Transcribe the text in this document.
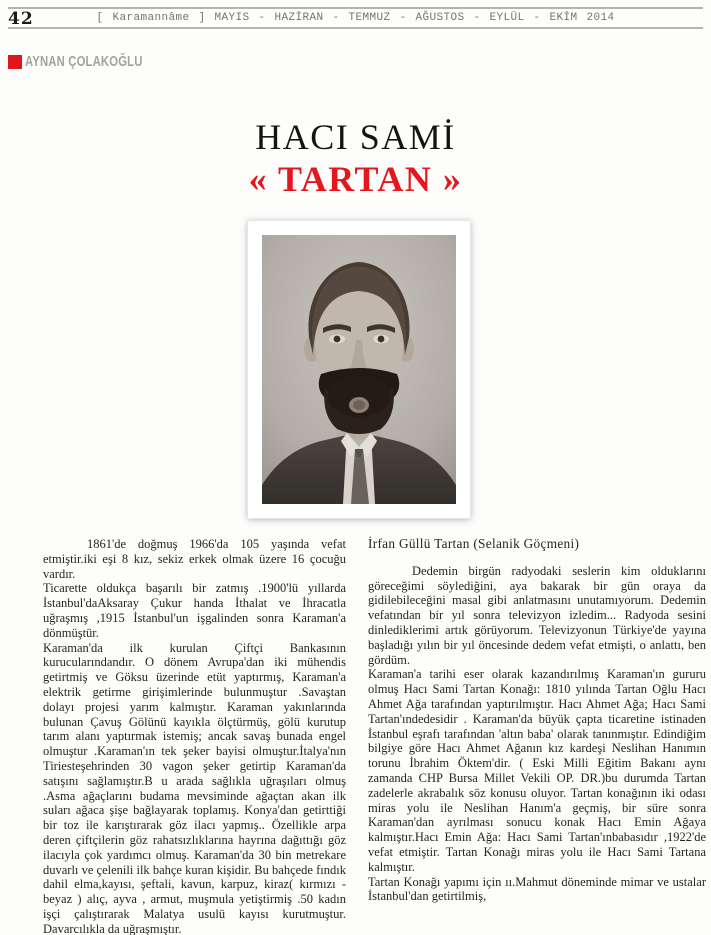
42	[ Karamannâme ] MAYIS - HAZİRAN - TEMMUZ - AĞUSTOS - EYLÜL - EKİM 2014
AYNAN ÇOLAKOĞLU
HACI SAMİ
« TARTAN »

1861'de doğmuş 1966'da 105 yaşında vefat etmiştir.iki eşi 8 kız, sekiz erkek olmak üzere 16 çocuğu vardır.

Ticarette oldukça başarılı bir zatmış .1900'lü yıllarda İstanbul'daAksaray Çukur handa İthalat ve İhracatla uğraşmış ,1915 İstanbul'un işgalinden sonra Karaman'a dönmüştür.

Karaman'da ilk kurulan Çiftçi Bankasının kurucularındandır. O dönem Avrupa'dan iki mühendis getirtmiş ve Göksu üzerinde etüt yaptırmış, Karaman'a elektrik getirme girişimlerinde bulunmuştur .Savaştan dolayı projesi yarım kalmıştır. Karaman yakınlarında bulunan Çavuş Gölünü kayıkla ölçtürmüş, gölü kurutup tarım alanı yaptırmak istemiş; ancak savaş bunada engel olmuştur .Karaman'ın tek şeker bayisi olmuştur.İtalya'nın Tiriesteşehrinden 30 vagon şeker getirtip Karaman'da satışını sağlamıştır.B u arada sağlıkla uğraşıları olmuş .Asma ağaçlarını budama mevsiminde ağaçtan akan ilk suları ağaca şişe bağlayarak toplamış. Konya'dan getirttiği bir toz ile karıştırarak göz ilacı yapmış.. Özellikle arpa deren çiftçilerin göz rahatsızlıklarına hayrına dağıttığı göz ilacıyla çok yardımcı olmuş. Karaman'da 30 bin metrekare duvarlı ve çelenili ilk bahçe kuran kişidir. Bu bahçede fındık dahil elma,kayısı, şeftali, kavun, karpuz, kiraz( kırmızı - beyaz ) alıç, ayva , armut, muşmula yetiştirmiş .50 kadın işçi çalıştırarak Malatya usulü kayısı kurutmuştur. Davarcılıkla da uğraşmıştır.

İrfan Güllü Tartan (Selanik Göçmeni)

Dedemin birgün radyodaki seslerin kim olduklarını göreceğimi söylediğini, aya bakarak bir gün oraya da gidilebileceğini masal gibi anlatmasını unutamıyorum. Dedemin vefatından bir yıl sonra televizyon izledim... Radyoda sesini dinlediklerimi artık görüyorum. Televizyonun Türkiye'de yayına başladığı yılın bir yıl öncesinde dedem vefat etmişti, o anlattı, ben gördüm.

Karaman'a tarihi eser olarak kazandırılmış Karaman'ın gururu olmuş Hacı Sami Tartan Konağı: 1810 yılında Tartan Oğlu Hacı Ahmet Ağa tarafından yaptırılmıştır. Hacı Ahmet Ağa; Hacı Sami Tartan'ındedesidir . Karaman'da büyük çapta ticaretine istinaden İstanbul eşrafı tarafından 'altın baba' olarak tanınmıştır. Edindiğim bilgiye göre Hacı Ahmet Ağanın kız kardeşi Neslihan Hanımın torunu İbrahim Öktem'dir. ( Eski Milli Eğitim Bakanı aynı zamanda CHP Bursa Millet Vekili OP. DR.)bu durumda Tartan zadelerle akrabalık söz konusu oluyor. Tartan konağının iki odası miras yolu ile Neslihan Hanım'a geçmiş, bir süre sonra Karaman'dan ayrılması sonucu konak Hacı Emin Ağaya kalmıştır.Hacı Emin Ağa: Hacı Sami Tartan'ınbabasıdır ,1922'de vefat etmiştir. Tartan Konağı miras yolu ile Hacı Sami Tartana kalmıştır.

Tartan Konağı yapımı için ıı.Mahmut döneminde mimar ve ustalar İstanbul'dan getirtilmiş,
